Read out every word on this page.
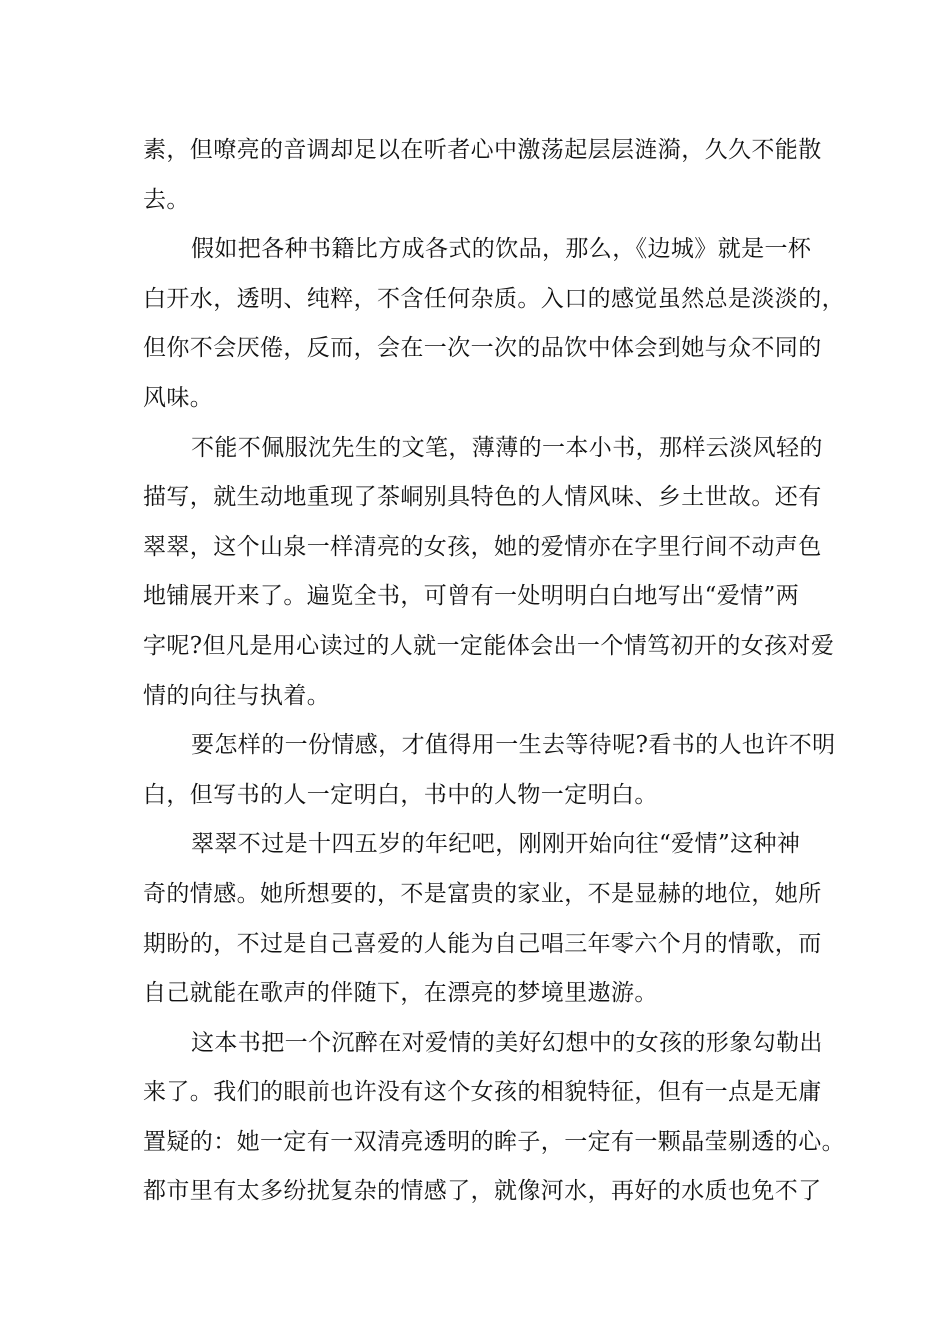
素，但嘹亮的音调却足以在听者心中激荡起层层涟漪，久久不能散
去。
假如把各种书籍比方成各式的饮品，那么，《边城》就是一杯
白开水，透明、纯粹，不含任何杂质。入口的感觉虽然总是淡淡的，
但你不会厌倦，反而，会在一次一次的品饮中体会到她与众不同的
风味。
不能不佩服沈先生的文笔，薄薄的一本小书，那样云淡风轻的
描写，就生动地重现了茶峒别具特色的人情风味、乡土世故。还有
翠翠，这个山泉一样清亮的女孩，她的爱情亦在字里行间不动声色
地铺展开来了。遍览全书，可曾有一处明明白白地写出“爱情”两
字呢?但凡是用心读过的人就一定能体会出一个情笃初开的女孩对爱
情的向往与执着。
要怎样的一份情感，才值得用一生去等待呢?看书的人也许不明
白，但写书的人一定明白，书中的人物一定明白。
翠翠不过是十四五岁的年纪吧，刚刚开始向往“爱情”这种神
奇的情感。她所想要的，不是富贵的家业，不是显赫的地位，她所
期盼的，不过是自己喜爱的人能为自己唱三年零六个月的情歌，而
自己就能在歌声的伴随下，在漂亮的梦境里遨游。
这本书把一个沉醉在对爱情的美好幻想中的女孩的形象勾勒出
来了。我们的眼前也许没有这个女孩的相貌特征，但有一点是无庸
置疑的：她一定有一双清亮透明的眸子，一定有一颗晶莹剔透的心。
都市里有太多纷扰复杂的情感了，就像河水，再好的水质也免不了
